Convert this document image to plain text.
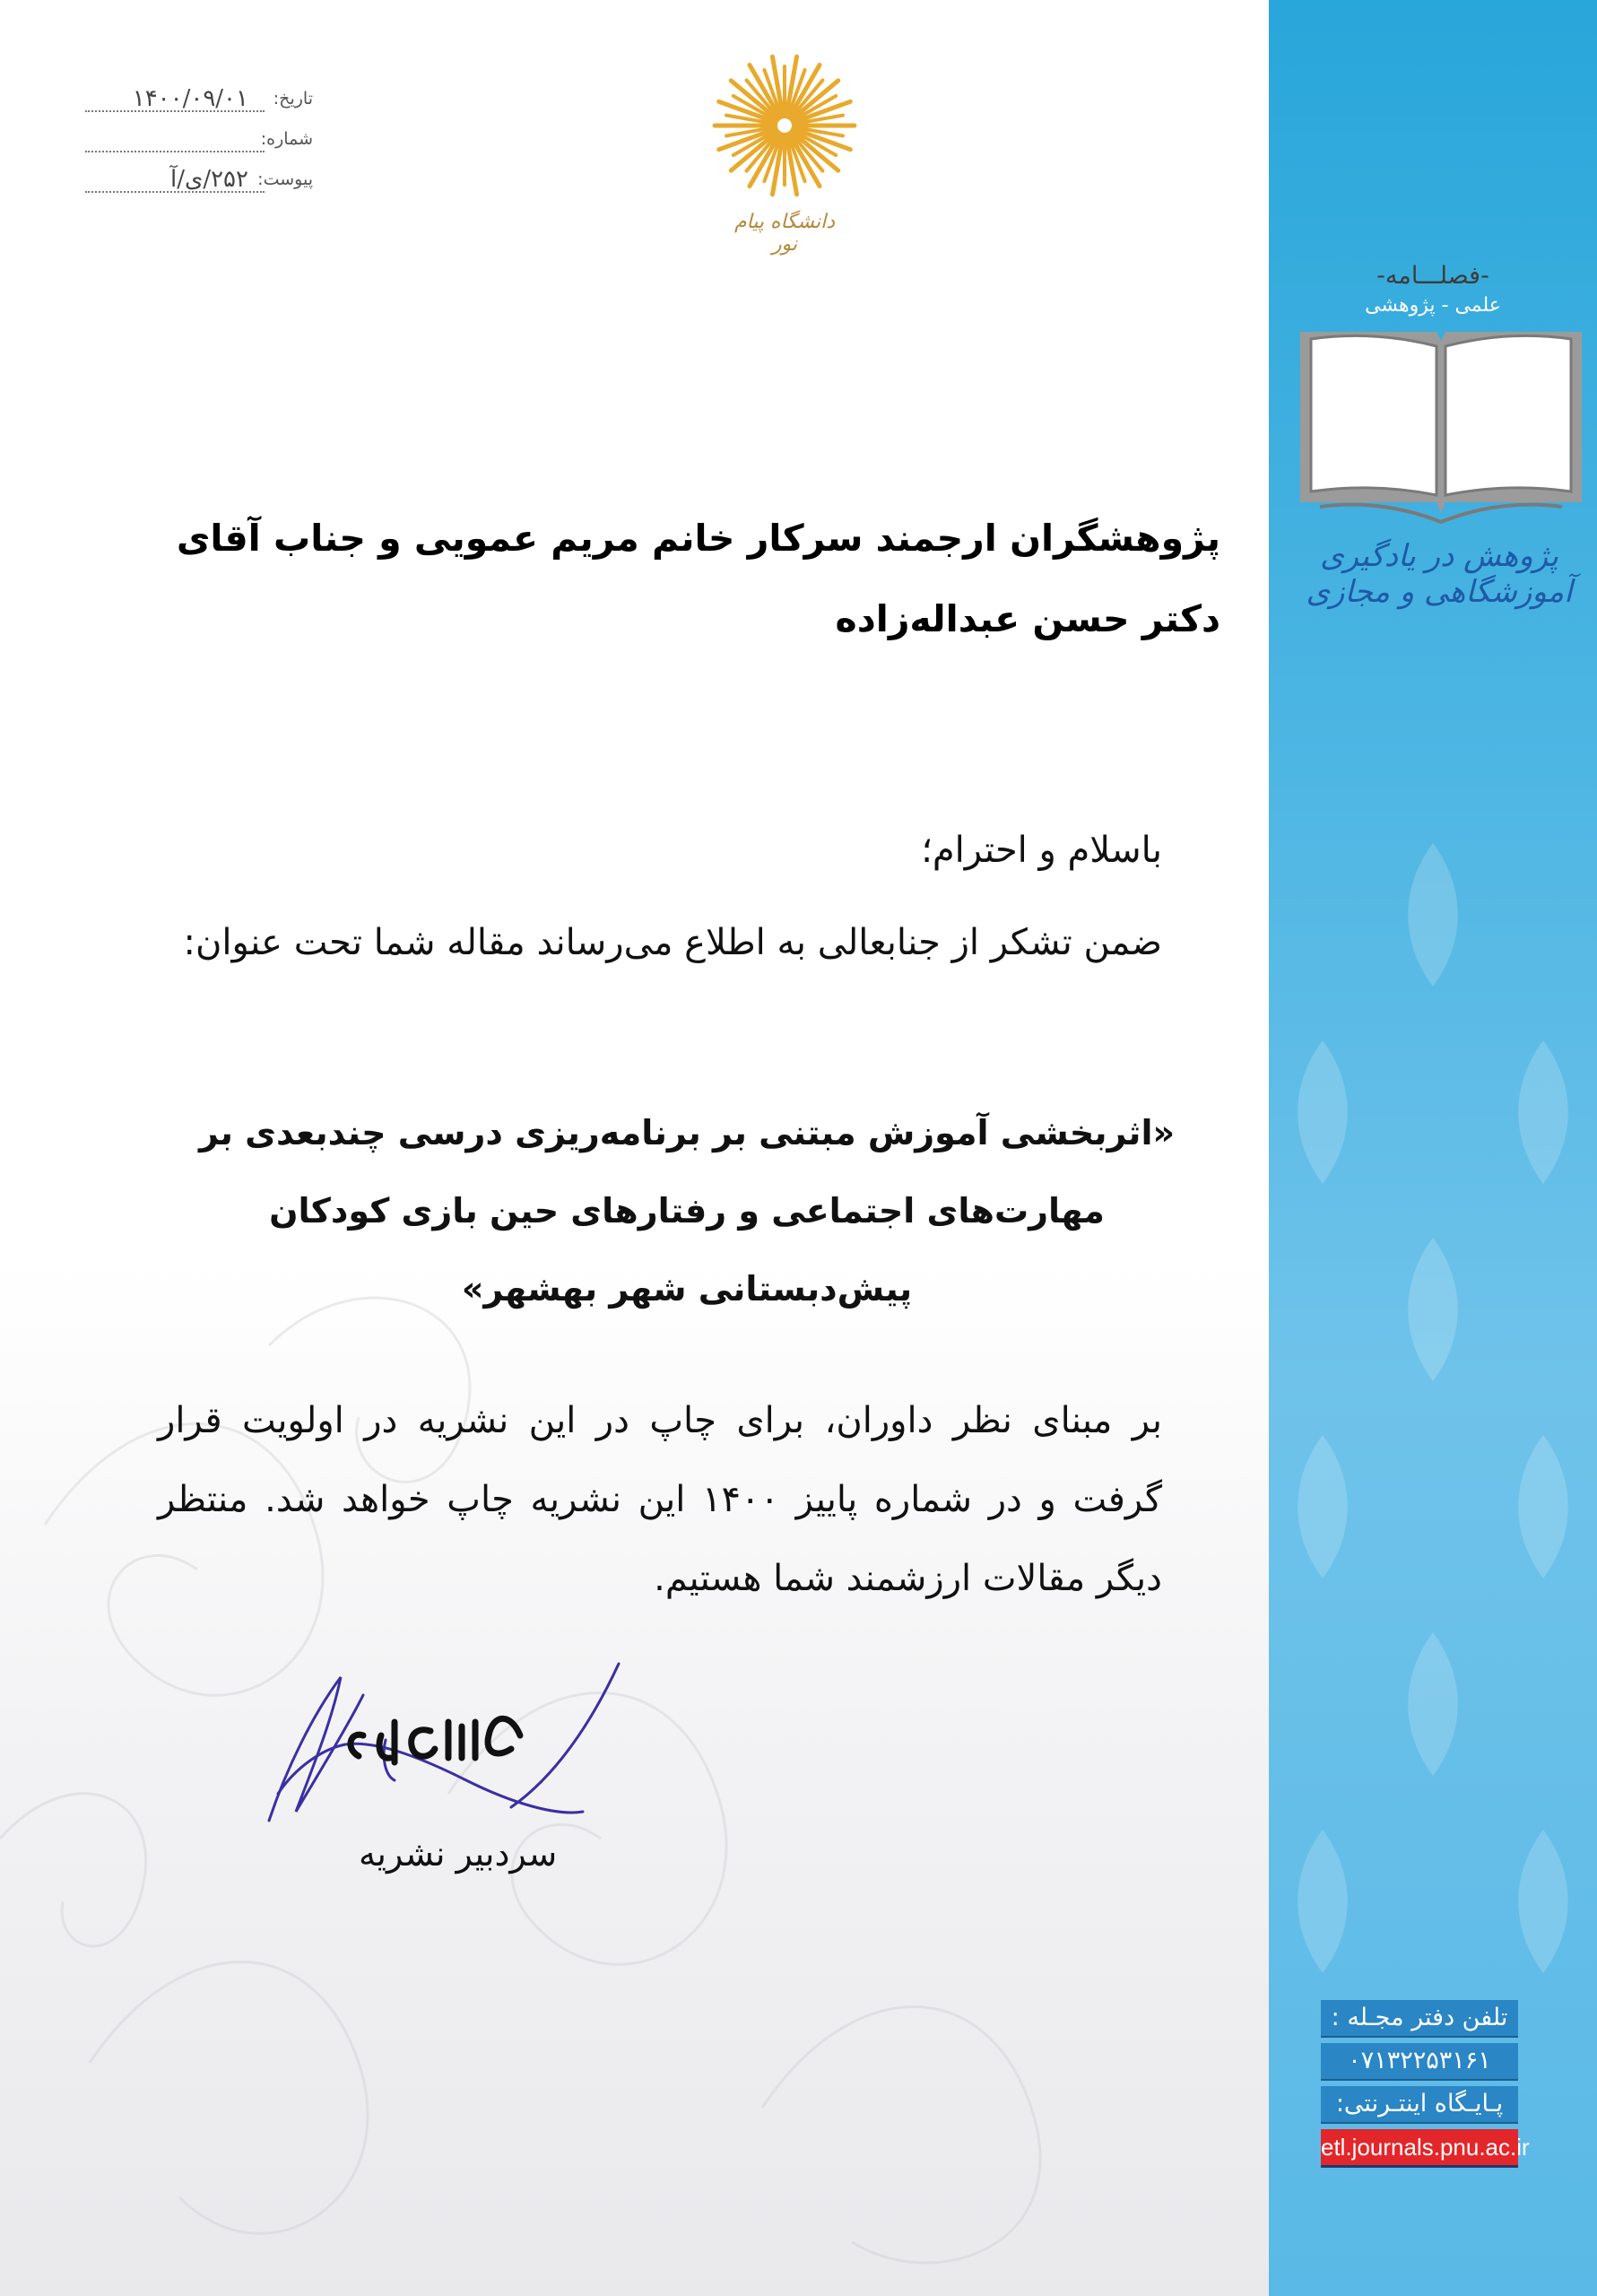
-فصلـــامه-
علمی - پژوهشی
پژوهش در یادگیری آموزشگاهی و مجازی
تلفن دفتر مجـله :
۰۷۱۳۲۲۵۳۱۶۱
پـایـگاه اینتـرنتی:
etl.journals.pnu.ac.ir
دانشگاه پیام نور
تاریخ:
۱۴۰۰/۰۹/۰۱
شماره:
پیوست:
۲۵۲/ی/آ
پژوهشگران ارجمند سرکار خانم مریم عمویی و جناب آقای دکتر حسن عبداله‌زاده
باسلام و احترام؛
ضمن تشکر از جنابعالی به اطلاع می‌رساند مقاله شما تحت عنوان:
«اثربخشی آموزش مبتنی بر برنامه‌ریزی درسی چندبعدی بر مهارت‌های اجتماعی و رفتارهای حین بازی کودکان پیش‌دبستانی شهر بهشهر»
بر مبنای نظر داوران، برای چاپ در این نشریه در اولویت قرار گرفت و در شماره پاییز ۱۴۰۰ این نشریه چاپ خواهد شد. منتظر دیگر مقالات ارزشمند شما هستیم.
سردبیر نشریه
